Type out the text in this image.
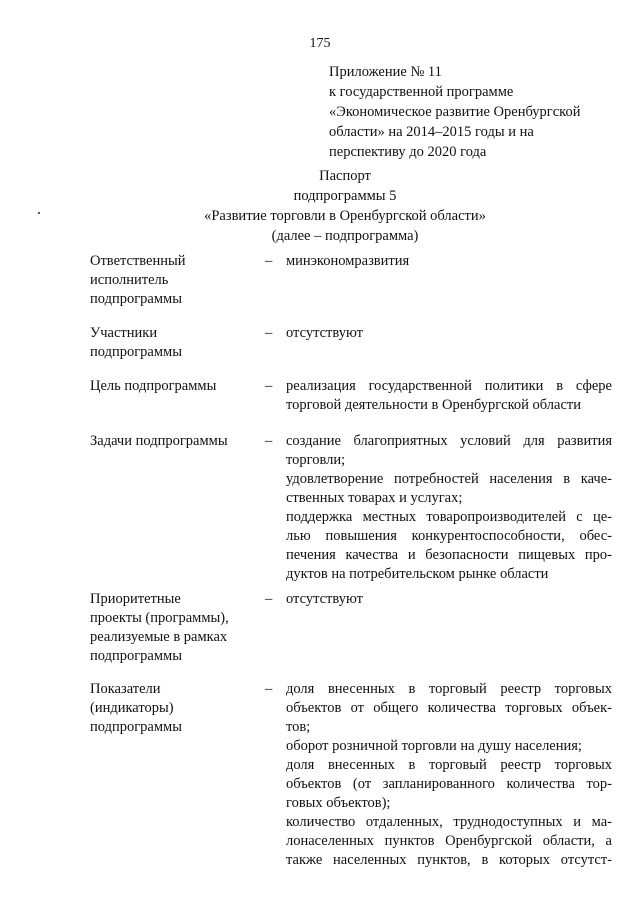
175
Приложение № 11
к государственной программе
«Экономическое развитие Оренбургской
области» на 2014–2015 годы и на
перспективу до 2020 года
Паспорт
подпрограммы 5
«Развитие торговли в Оренбургской области»
(далее – подпрограмма)
Ответственный
исполнитель
подпрограммы
– минэкономразвития
Участники
подпрограммы
– отсутствуют
Цель подпрограммы	– реализация государственной политики в сфере
торговой деятельности в Оренбургской области
Задачи подпрограммы	– создание благоприятных условий для развития
торговли;
удовлетворение потребностей населения в каче-
ственных товарах и услугах;
поддержка местных товаропроизводителей с це-
лью повышения конкурентоспособности, обес-
печения качества и безопасности пищевых про-
дуктов на потребительском рынке области
Приоритетные
проекты (программы),
реализуемые в рамках
подпрограммы
– отсутствуют
Показатели
(индикаторы)
подпрограммы
– доля внесенных в торговый реестр торговых
объектов от общего количества торговых объек-
тов;
оборот розничной торговли на душу населения;
доля внесенных в торговый реестр торговых
объектов (от запланированного количества тор-
говых объектов);
количество отдаленных, труднодоступных и ма-
лонаселенных пунктов Оренбургской области, а
также населенных пунктов, в которых отсутст-
